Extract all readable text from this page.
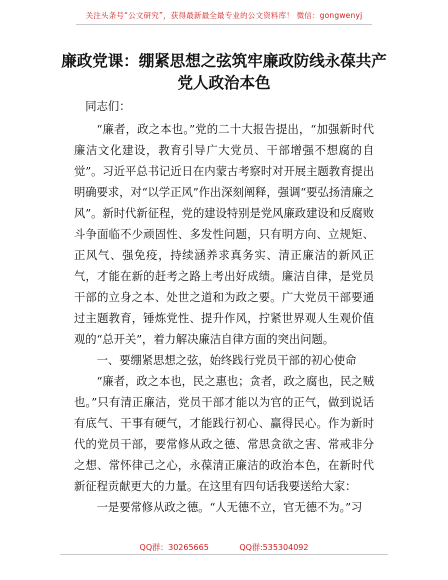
关注头条号“公文研究”，获得最新最全最专业的公文资料库！ 微信：gongwenyj
廉政党课：绷紧思想之弦筑牢廉政防线永葆共产党人政治本色

同志们：

“廉者，政之本也。”党的二十大报告提出，“加强新时代廉洁文化建设，教育引导广大党员、干部增强不想腐的自觉”。习近平总书记近日在内蒙古考察时对开展主题教育提出明确要求，对“以学正风”作出深刻阐释，强调“要弘扬清廉之风”。新时代新征程，党的建设特别是党风廉政建设和反腐败斗争面临不少顽固性、多发性问题，只有明方向、立规矩、正风气、强免疫，持续涵养求真务实、清正廉洁的新风正气，才能在新的赶考之路上考出好成绩。廉洁自律，是党员干部的立身之本、处世之道和为政之要。广大党员干部要通过主题教育，锤炼党性、提升作风，拧紧世界观人生观价值观的“总开关”，着力解决廉洁自律方面的突出问题。

一、要绷紧思想之弦，始终践行党员干部的初心使命

“廉者，政之本也，民之惠也；贪者，政之腐也，民之贼也。”只有清正廉洁，党员干部才能以为官的正气，做到说话有底气、干事有硬气，才能践行初心、赢得民心。作为新时代的党员干部，要常修从政之德、常思贪欲之害、常戒非分之想、常怀律己之心，永葆清正廉洁的政治本色，在新时代新征程贡献更大的力量。在这里有四句话我要送给大家：

一是要常修从政之德。“人无德不立，官无德不为。”习

QQ群：30265665	QQ群:535304092
